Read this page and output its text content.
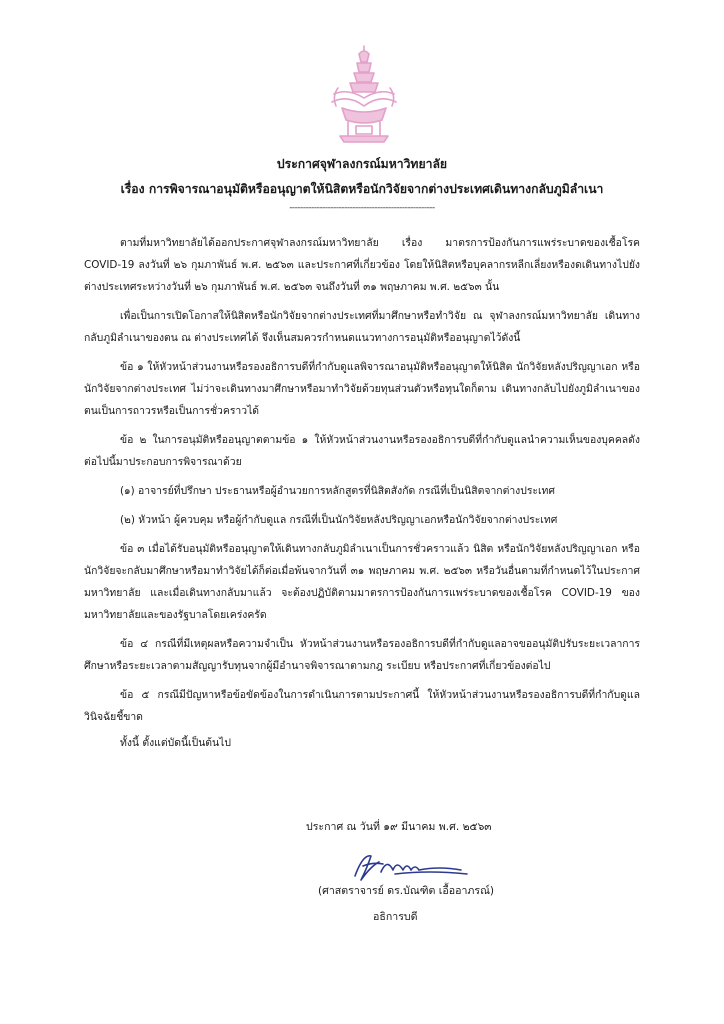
ประกาศจุฬาลงกรณ์มหาวิทยาลัย
เรื่อง การพิจารณาอนุมัติหรืออนุญาตให้นิสิตหรือนักวิจัยจากต่างประเทศเดินทางกลับภูมิลำเนา
-----------------------------------------------------

ตามที่มหาวิทยาลัยได้ออกประกาศจุฬาลงกรณ์มหาวิทยาลัย เรื่อง มาตรการป้องกันการแพร่ระบาดของเชื้อโรค COVID-19 ลงวันที่ ๒๖ กุมภาพันธ์ พ.ศ. ๒๕๖๓ และประกาศที่เกี่ยวข้อง โดยให้นิสิตหรือบุคลากรหลีกเลี่ยงหรืองดเดินทางไปยังต่างประเทศระหว่างวันที่ ๒๖ กุมภาพันธ์ พ.ศ. ๒๕๖๓ จนถึงวันที่ ๓๑ พฤษภาคม พ.ศ. ๒๕๖๓ นั้น

เพื่อเป็นการเปิดโอกาสให้นิสิตหรือนักวิจัยจากต่างประเทศที่มาศึกษาหรือทำวิจัย ณ จุฬาลงกรณ์มหาวิทยาลัย เดินทางกลับภูมิลำเนาของตน ณ ต่างประเทศได้ จึงเห็นสมควรกำหนดแนวทางการอนุมัติหรืออนุญาตไว้ดังนี้

ข้อ ๑ ให้หัวหน้าส่วนงานหรือรองอธิการบดีที่กำกับดูแลพิจารณาอนุมัติหรืออนุญาตให้นิสิต นักวิจัยหลังปริญญาเอก หรือนักวิจัยจากต่างประเทศ ไม่ว่าจะเดินทางมาศึกษาหรือมาทำวิจัยด้วยทุนส่วนตัวหรือทุนใดก็ตาม เดินทางกลับไปยังภูมิลำเนาของตนเป็นการถาวรหรือเป็นการชั่วคราวได้

ข้อ ๒ ในการอนุมัติหรืออนุญาตตามข้อ ๑ ให้หัวหน้าส่วนงานหรือรองอธิการบดีที่กำกับดูแลนำความเห็นของบุคคลดังต่อไปนี้มาประกอบการพิจารณาด้วย

(๑) อาจารย์ที่ปรึกษา ประธานหรือผู้อำนวยการหลักสูตรที่นิสิตสังกัด กรณีที่เป็นนิสิตจากต่างประเทศ

(๒) หัวหน้า ผู้ควบคุม หรือผู้กำกับดูแล กรณีที่เป็นนักวิจัยหลังปริญญาเอกหรือนักวิจัยจากต่างประเทศ

ข้อ ๓ เมื่อได้รับอนุมัติหรืออนุญาตให้เดินทางกลับภูมิลำเนาเป็นการชั่วคราวแล้ว นิสิต หรือนักวิจัยหลังปริญญาเอก หรือนักวิจัยจะกลับมาศึกษาหรือมาทำวิจัยได้ก็ต่อเมื่อพ้นจากวันที่ ๓๑ พฤษภาคม พ.ศ. ๒๕๖๓ หรือวันอื่นตามที่กำหนดไว้ในประกาศมหาวิทยาลัย และเมื่อเดินทางกลับมาแล้ว จะต้องปฏิบัติตามมาตรการป้องกันการแพร่ระบาดของเชื้อโรค COVID-19 ของมหาวิทยาลัยและของรัฐบาลโดยเคร่งครัด

ข้อ ๔ กรณีที่มีเหตุผลหรือความจำเป็น หัวหน้าส่วนงานหรือรองอธิการบดีที่กำกับดูแลอาจขออนุมัติปรับระยะเวลาการศึกษาหรือระยะเวลาตามสัญญารับทุนจากผู้มีอำนาจพิจารณาตามกฎ ระเบียบ หรือประกาศที่เกี่ยวข้องต่อไป

ข้อ ๕ กรณีมีปัญหาหรือข้อขัดข้องในการดำเนินการตามประกาศนี้ ให้หัวหน้าส่วนงานหรือรองอธิการบดีที่กำกับดูแลวินิจฉัยชี้ขาด

ทั้งนี้ ตั้งแต่บัดนี้เป็นต้นไป

ประกาศ ณ วันที่ ๑๙ มีนาคม พ.ศ. ๒๕๖๓
(ศาสตราจารย์ ดร.บัณฑิต เอื้ออาภรณ์)
อธิการบดี
